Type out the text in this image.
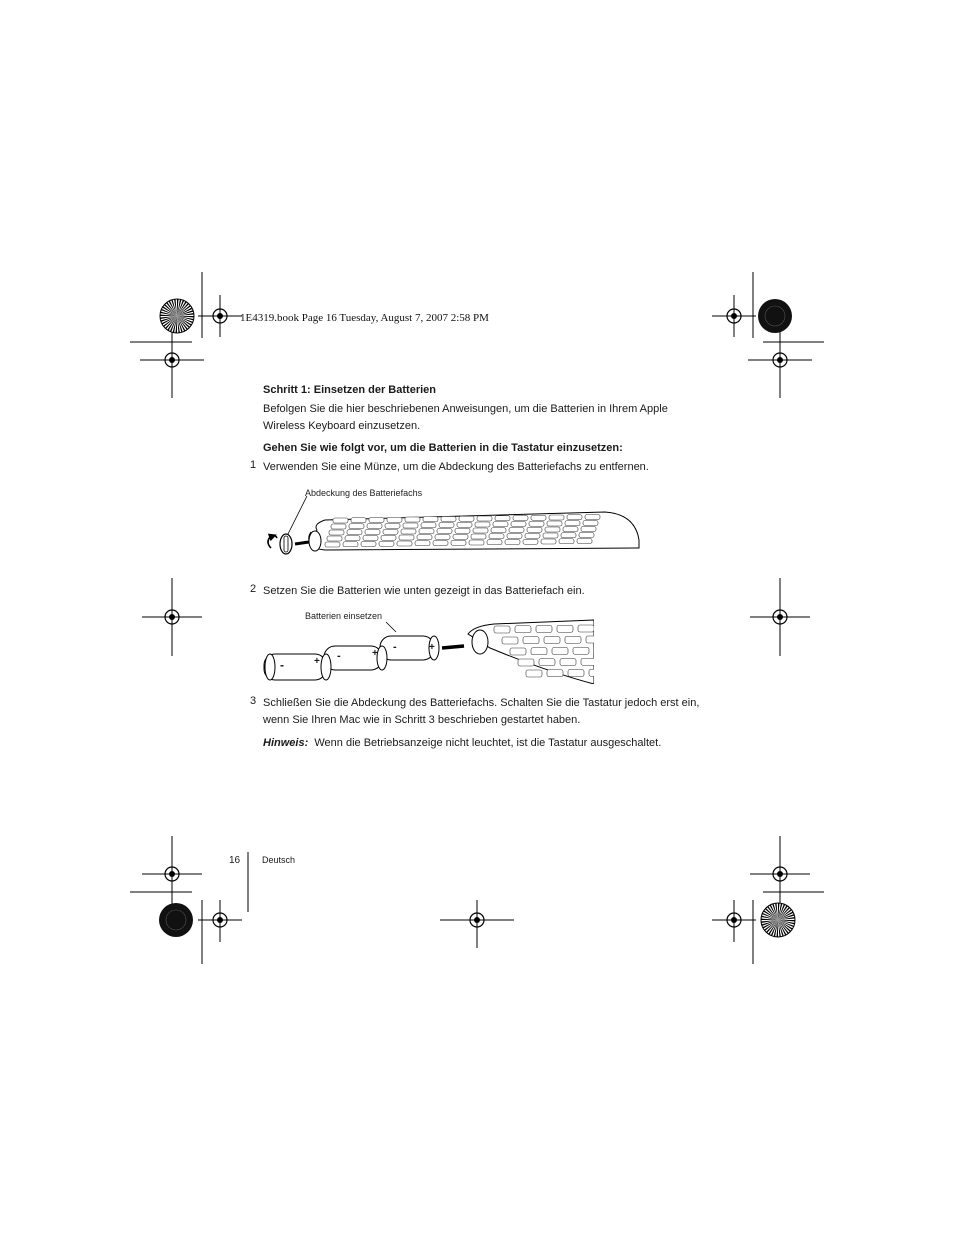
1E4319.book Page 16 Tuesday, August 7, 2007 2:58 PM
Schritt 1: Einsetzen der Batterien
Befolgen Sie die hier beschriebenen Anweisungen, um die Batterien in Ihrem Apple Wireless Keyboard einzusetzen.
Gehen Sie wie folgt vor, um die Batterien in die Tastatur einzusetzen:
1 Verwenden Sie eine Münze, um die Abdeckung des Batteriefachs zu entfernen.
Abdeckung des Batteriefachs
2 Setzen Sie die Batterien wie unten gezeigt in das Batteriefach ein.
Batterien einsetzen
-	+ -	+
-	+
3 Schließen Sie die Abdeckung des Batteriefachs. Schalten Sie die Tastatur jedoch erst ein, wenn Sie Ihren Mac wie in Schritt 3 beschrieben gestartet haben.
Hinweis: Wenn die Betriebsanzeige nicht leuchtet, ist die Tastatur ausgeschaltet.
16 Deutsch
